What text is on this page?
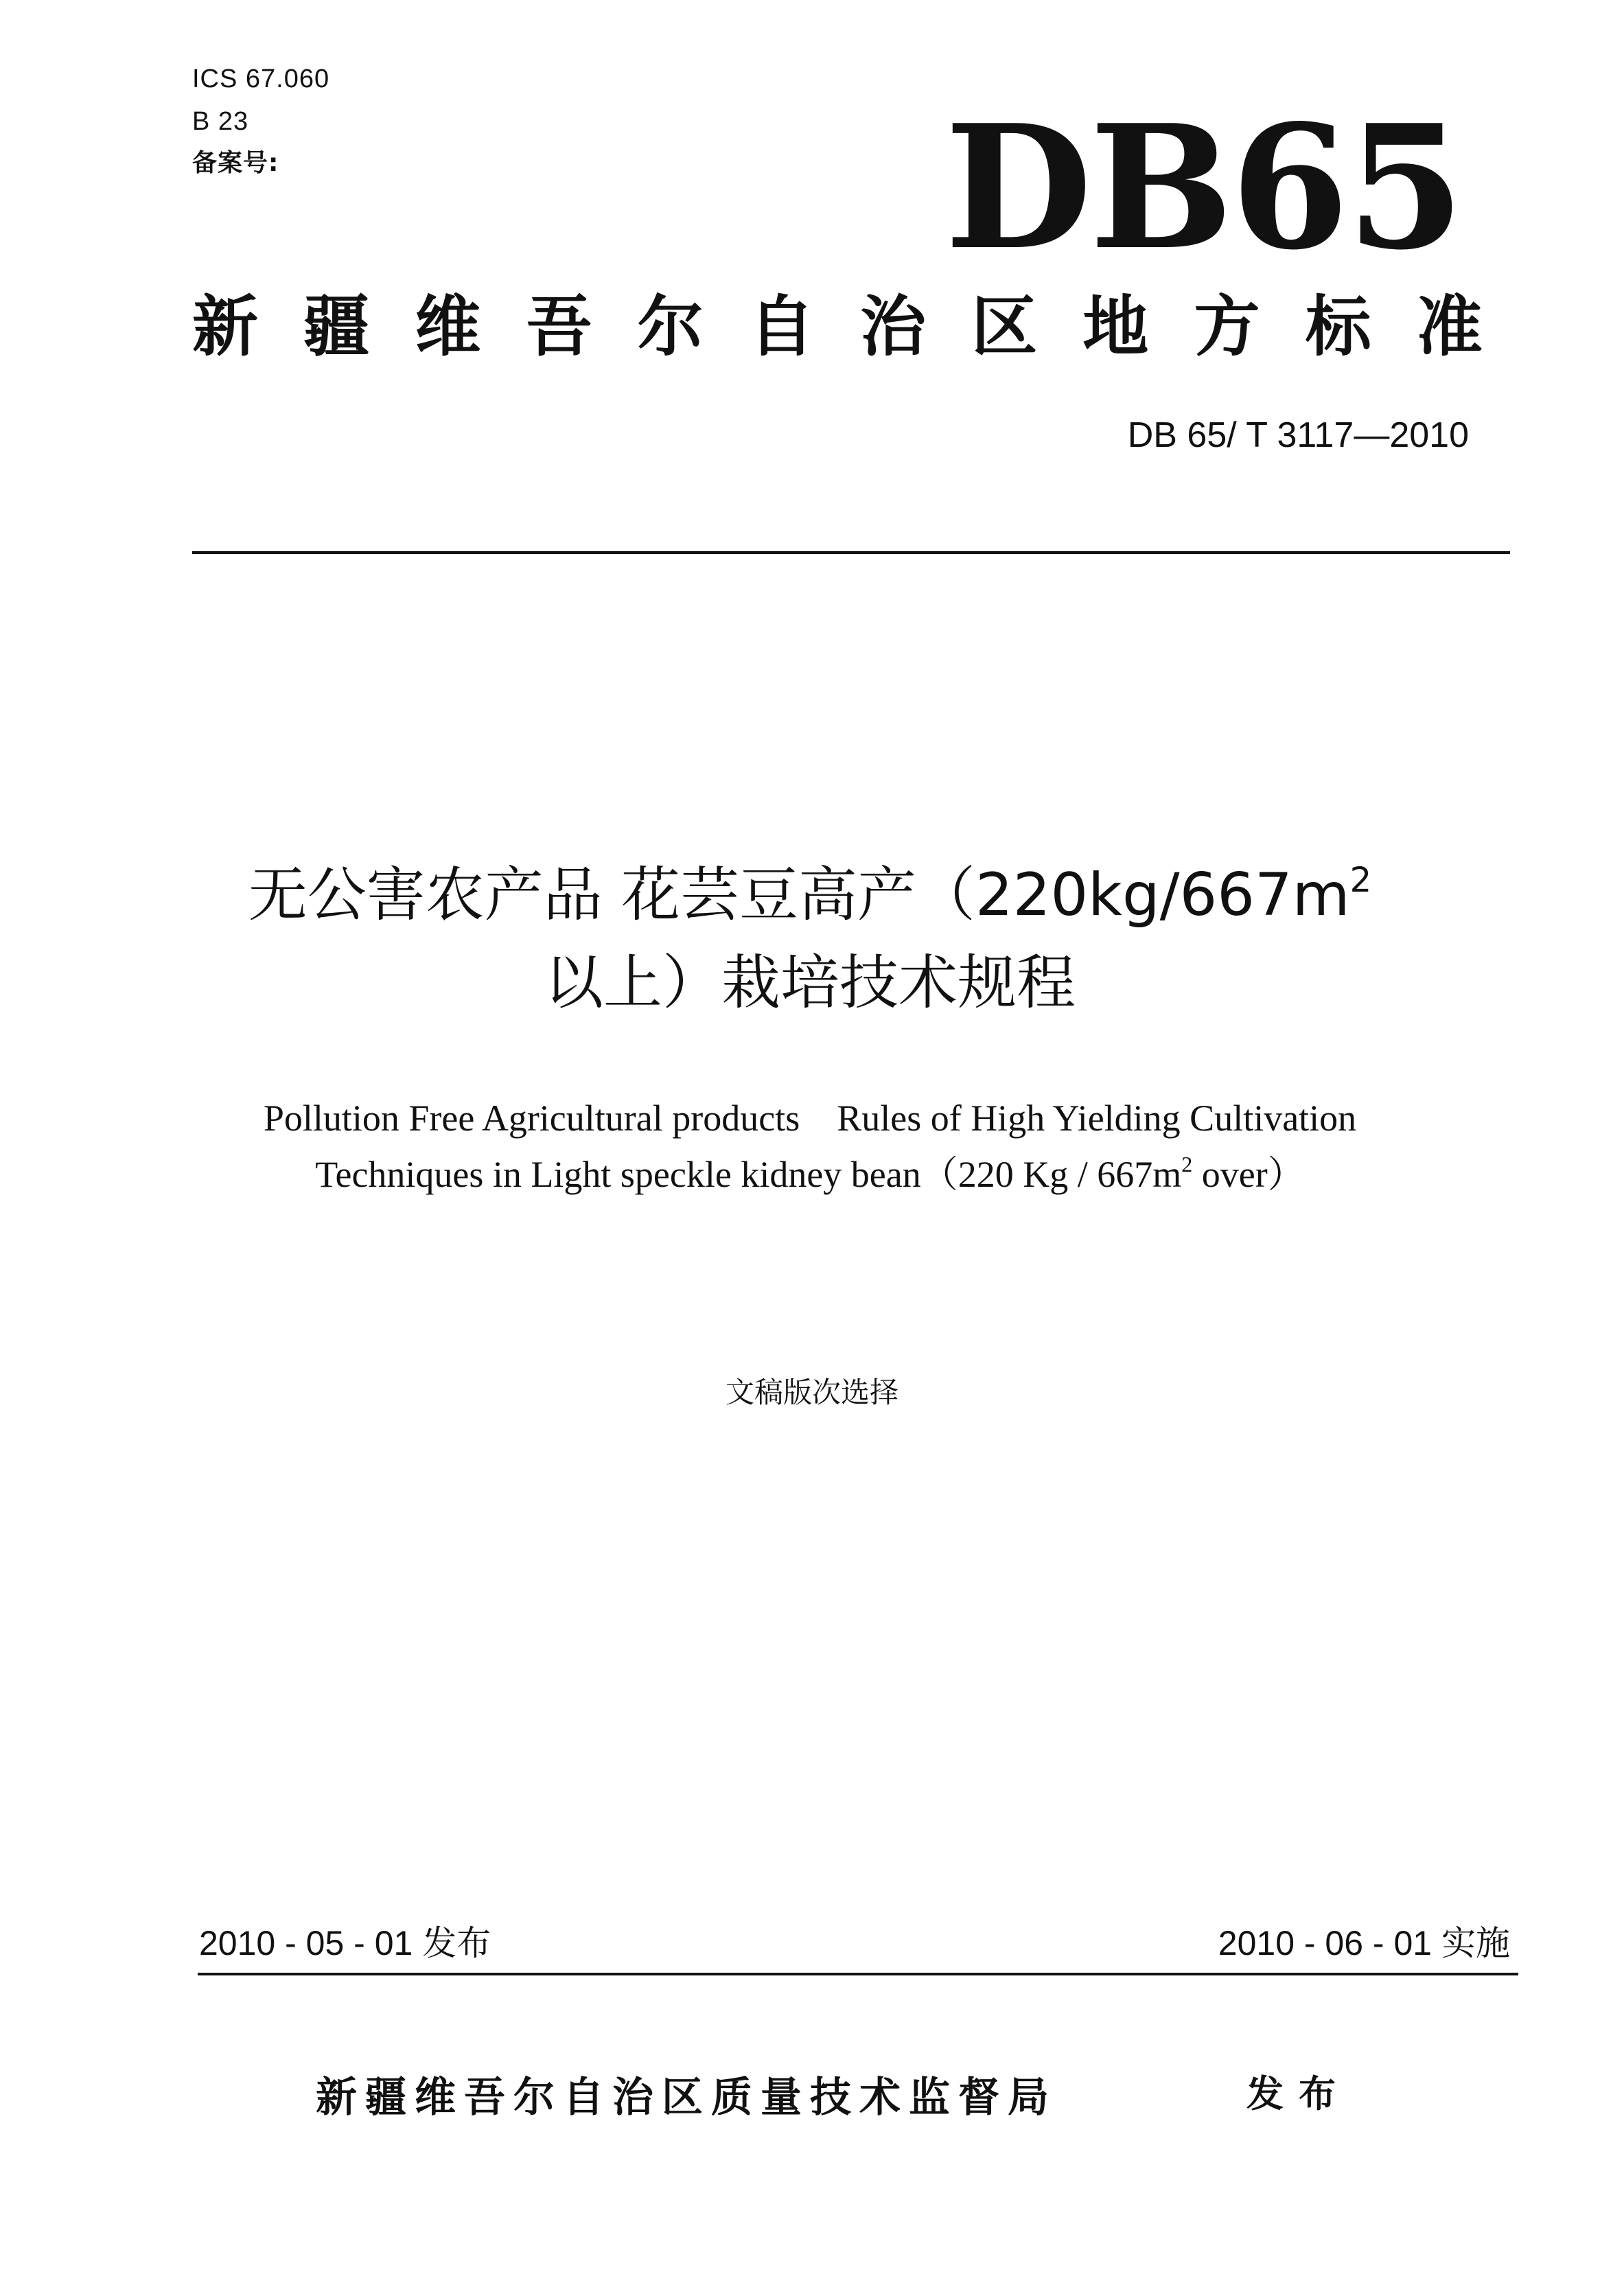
ICS 67.060
B 23
备案号:	DB65
新 疆 维 吾 尔 自 治 区 地 方 标 准
DB 65/ T 3117—2010
无公害农产品 花芸豆高产（$220kg/667m^2$
以上）栽培技术规程
Pollution Free Agricultural products    Rules of High Yielding Cultivation
Techniques in Light speckle kidney bean（220 Kg / $667m^2$ over）
文稿版次选择
2010 - 05 - 01 发布	2010 - 06 - 01 实施
新疆维吾尔自治区质量技术监督局	发布
